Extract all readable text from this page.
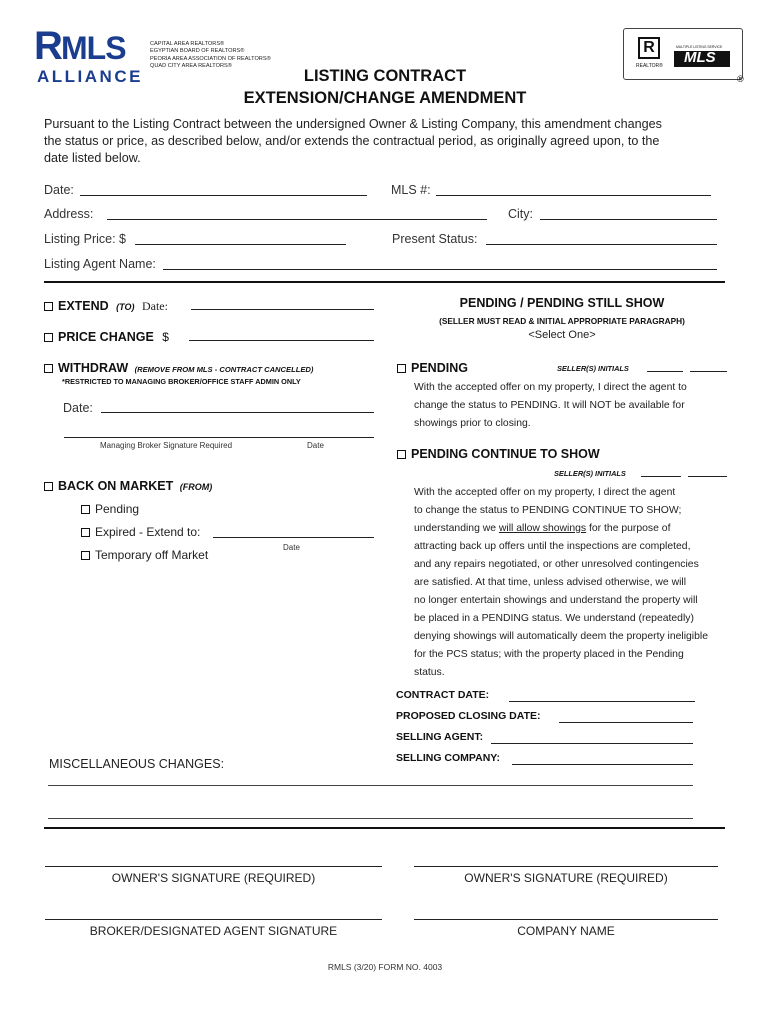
R
MLS
ALLIANCE
CAPITAL AREA REALTORS®
EGYPTIAN BOARD OF REALTORS®
PEORIA AREA ASSOCIATION OF REALTORS®
QUAD CITY AREA REALTORS®
LISTING CONTRACT
EXTENSION/CHANGE AMENDMENT
R
REALTOR®
MULTIPLE LISTING SERVICE
MLS
®
Pursuant to the Listing Contract between the undersigned Owner & Listing Company, this amendment changes
the status or price, as described below, and/or extends the contractual period, as originally agreed upon, to the
date listed below.
Date:	MLS #:
Address:	City:
Listing Price: $	Present Status:
Listing Agent Name:
EXTEND (TO) Date:
PRICE CHANGE $
WITHDRAW (REMOVE FROM MLS - CONTRACT CANCELLED)
*RESTRICTED TO MANAGING BROKER/OFFICE STAFF ADMIN ONLY
Date:
Managing Broker Signature Required	Date
BACK ON MARKET (FROM)
Pending
Expired - Extend to:
Temporary off Market
Date
PENDING / PENDING STILL SHOW
(SELLER MUST READ & INITIAL APPROPRIATE PARAGRAPH)
<Select One>
PENDING	SELLER(S) INITIALS
With the accepted offer on my property, I direct the agent to
change the status to PENDING. It will NOT be available for
showings prior to closing.
PENDING CONTINUE TO SHOW
SELLER(S) INITIALS
With the accepted offer on my property, I direct the agent
to change the status to PENDING CONTINUE TO SHOW;
understanding we will allow showings for the purpose of
attracting back up offers until the inspections are completed,
and any repairs negotiated, or other unresolved contingencies
are satisfied. At that time, unless advised otherwise, we will
no longer entertain showings and understand the property will
be placed in a PENDING status. We understand (repeatedly)
denying showings will automatically deem the property ineligible
for the PCS status; with the property placed in the Pending
status.
CONTRACT DATE:
PROPOSED CLOSING DATE:
SELLING AGENT:
SELLING COMPANY:
MISCELLANEOUS CHANGES:
OWNER'S SIGNATURE (REQUIRED)	OWNER'S SIGNATURE (REQUIRED)
BROKER/DESIGNATED AGENT SIGNATURE	COMPANY NAME
RMLS (3/20) FORM NO. 4003
